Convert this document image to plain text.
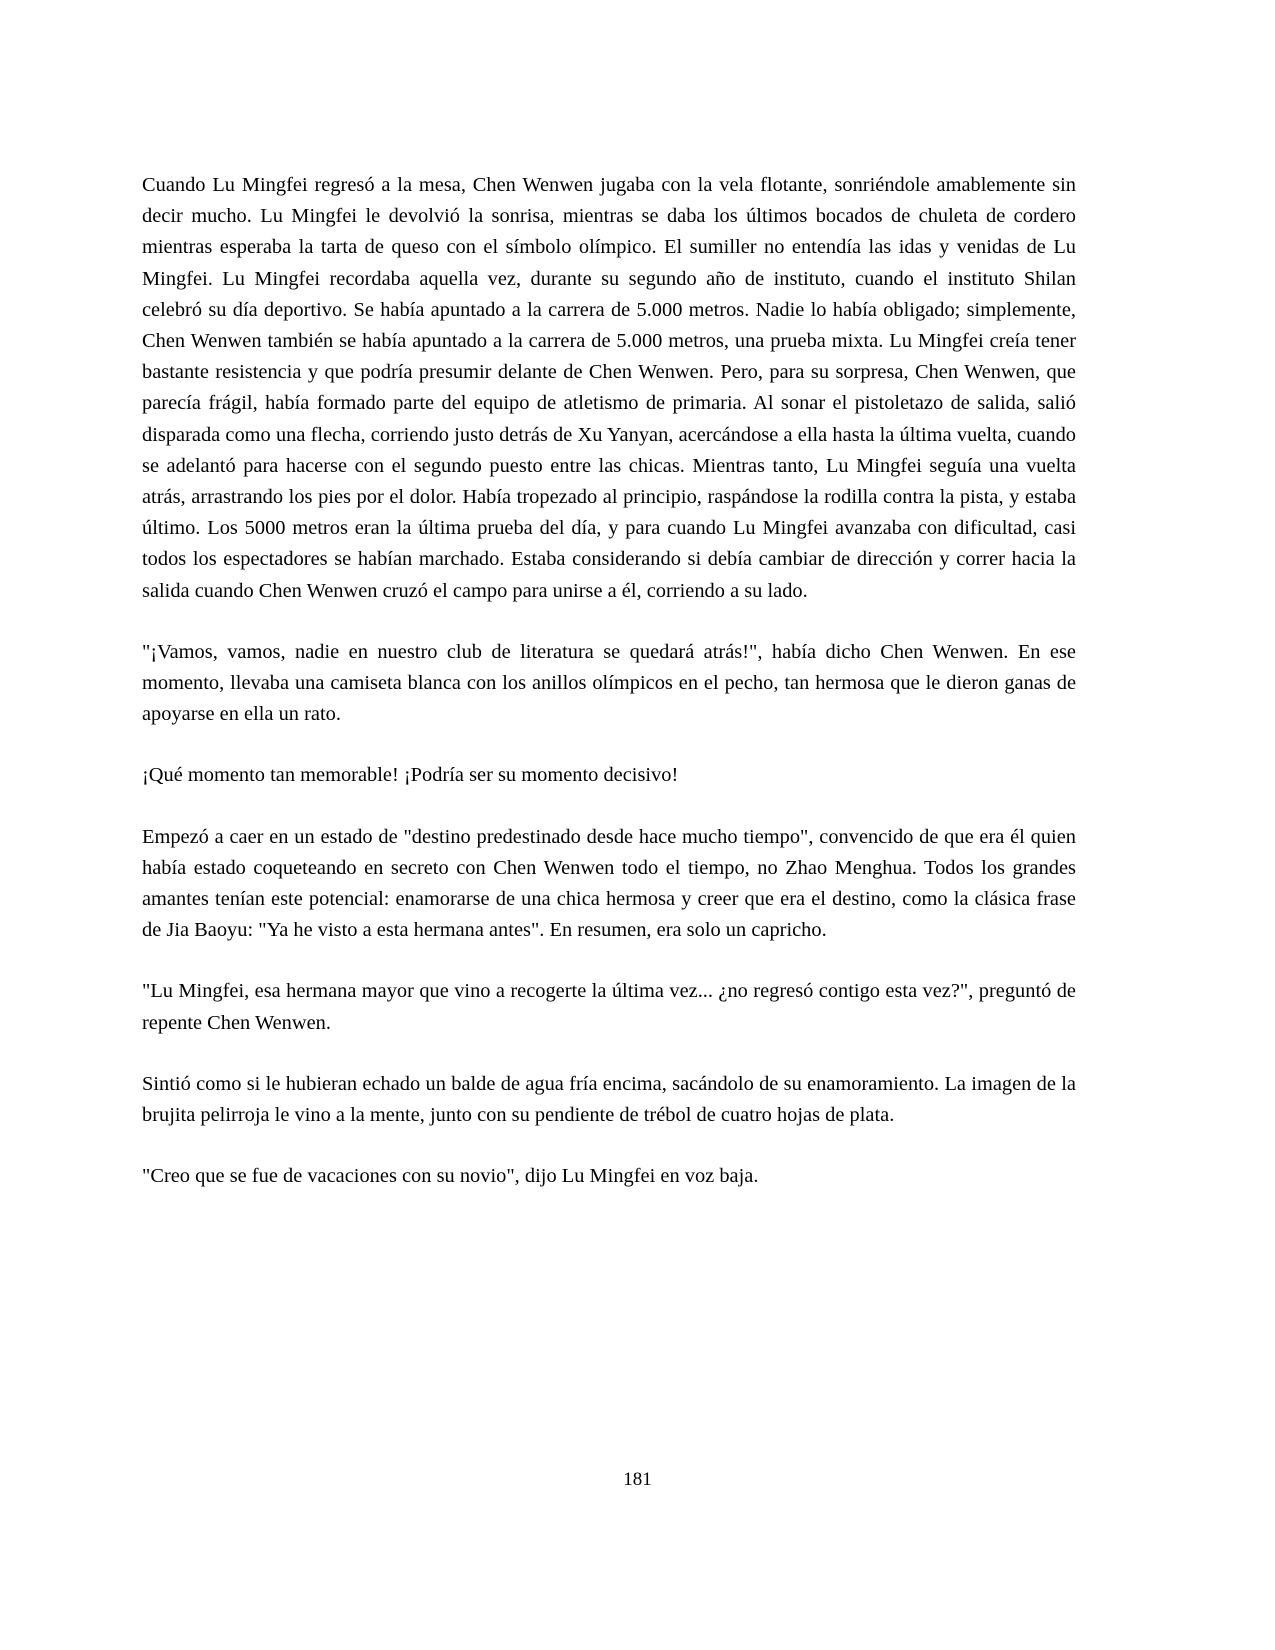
Cuando Lu Mingfei regresó a la mesa, Chen Wenwen jugaba con la vela flotante, sonriéndole amablemente sin decir mucho. Lu Mingfei le devolvió la sonrisa, mientras se daba los últimos bocados de chuleta de cordero mientras esperaba la tarta de queso con el símbolo olímpico. El sumiller no entendía las idas y venidas de Lu Mingfei. Lu Mingfei recordaba aquella vez, durante su segundo año de instituto, cuando el instituto Shilan celebró su día deportivo. Se había apuntado a la carrera de 5.000 metros. Nadie lo había obligado; simplemente, Chen Wenwen también se había apuntado a la carrera de 5.000 metros, una prueba mixta. Lu Mingfei creía tener bastante resistencia y que podría presumir delante de Chen Wenwen. Pero, para su sorpresa, Chen Wenwen, que parecía frágil, había formado parte del equipo de atletismo de primaria. Al sonar el pistoletazo de salida, salió disparada como una flecha, corriendo justo detrás de Xu Yanyan, acercándose a ella hasta la última vuelta, cuando se adelantó para hacerse con el segundo puesto entre las chicas. Mientras tanto, Lu Mingfei seguía una vuelta atrás, arrastrando los pies por el dolor. Había tropezado al principio, raspándose la rodilla contra la pista, y estaba último. Los 5000 metros eran la última prueba del día, y para cuando Lu Mingfei avanzaba con dificultad, casi todos los espectadores se habían marchado. Estaba considerando si debía cambiar de dirección y correr hacia la salida cuando Chen Wenwen cruzó el campo para unirse a él, corriendo a su lado.

"¡Vamos, vamos, nadie en nuestro club de literatura se quedará atrás!", había dicho Chen Wenwen. En ese momento, llevaba una camiseta blanca con los anillos olímpicos en el pecho, tan hermosa que le dieron ganas de apoyarse en ella un rato.

¡Qué momento tan memorable! ¡Podría ser su momento decisivo!

Empezó a caer en un estado de "destino predestinado desde hace mucho tiempo", convencido de que era él quien había estado coqueteando en secreto con Chen Wenwen todo el tiempo, no Zhao Menghua. Todos los grandes amantes tenían este potencial: enamorarse de una chica hermosa y creer que era el destino, como la clásica frase de Jia Baoyu: "Ya he visto a esta hermana antes". En resumen, era solo un capricho.

"Lu Mingfei, esa hermana mayor que vino a recogerte la última vez... ¿no regresó contigo esta vez?", preguntó de repente Chen Wenwen.

Sintió como si le hubieran echado un balde de agua fría encima, sacándolo de su enamoramiento. La imagen de la brujita pelirroja le vino a la mente, junto con su pendiente de trébol de cuatro hojas de plata.

"Creo que se fue de vacaciones con su novio", dijo Lu Mingfei en voz baja.

181
